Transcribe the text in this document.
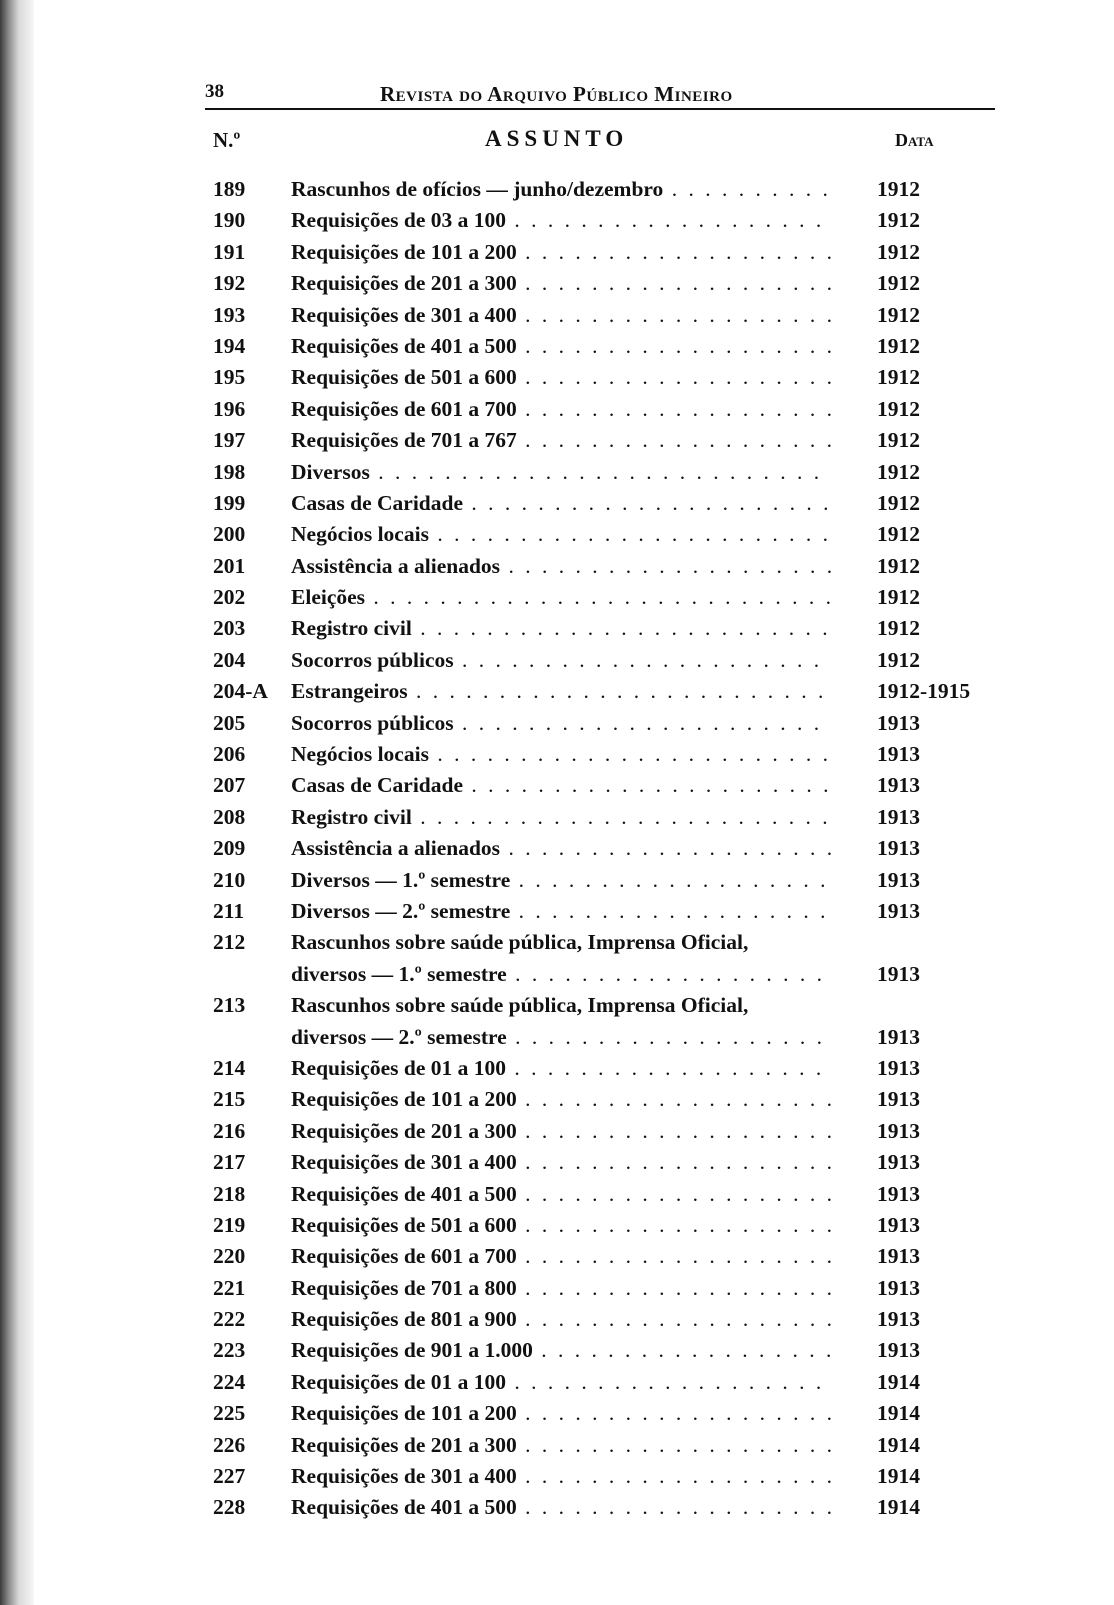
38	Revista do Arquivo Público Mineiro
N.º	ASSUNTO	Data
189 Rascunhos de ofícios — junho/dezembro . . .	1912
190 Requisições de 03 a 100 . . .	1912
191 Requisições de 101 a 200 . . .	1912
192 Requisições de 201 a 300 . . .	1912
193 Requisições de 301 a 400 . . .	1912
194 Requisições de 401 a 500 . . .	1912
195 Requisições de 501 a 600 . . .	1912
196 Requisições de 601 a 700 . . .	1912
197 Requisições de 701 a 767 . . .	1912
198 Diversos . . .	1912
199 Casas de Caridade . . .	1912
200 Negócios locais . . .	1912
201 Assistência a alienados . . .	1912
202 Eleições . . .	1912
203 Registro civil . . .	1912
204 Socorros públicos . . .	1912
204-A Estrangeiros . . .	1912-1915
205 Socorros públicos . . .	1913
206 Negócios locais . . .	1913
207 Casas de Caridade . . .	1913
208 Registro civil . . .	1913
209 Assistência a alienados . . .	1913
210 Diversos — 1.º semestre . . .	1913
211 Diversos — 2.º semestre . . .	1913
212 Rascunhos sobre saúde pública, Imprensa Oficial,
diversos — 1.º semestre . . .	1913
213 Rascunhos sobre saúde pública, Imprensa Oficial,
diversos — 2.º semestre . . .	1913
214 Requisições de 01 a 100 . . .	1913
215 Requisições de 101 a 200 . . .	1913
216 Requisições de 201 a 300 . . .	1913
217 Requisições de 301 a 400 . . .	1913
218 Requisições de 401 a 500 . . .	1913
219 Requisições de 501 a 600 . . .	1913
220 Requisições de 601 a 700 . . .	1913
221 Requisições de 701 a 800 . . .	1913
222 Requisições de 801 a 900 . . .	1913
223 Requisições de 901 a 1.000 . . .	1913
224 Requisições de 01 a 100 . . .	1914
225 Requisições de 101 a 200 . . .	1914
226 Requisições de 201 a 300 . . .	1914
227 Requisições de 301 a 400 . . .	1914
228 Requisições de 401 a 500 . . .	1914
